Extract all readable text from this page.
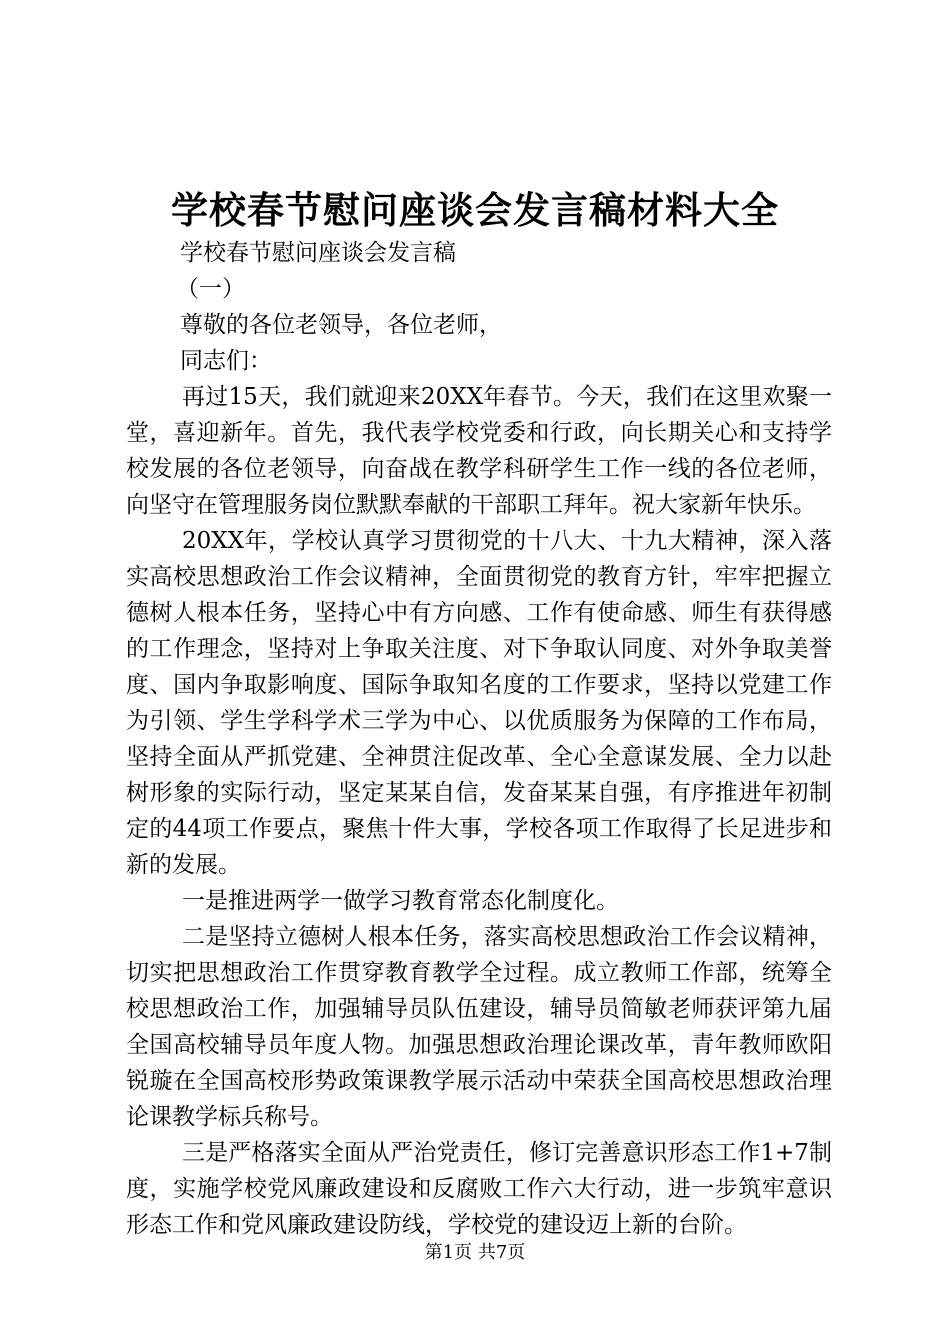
学校春节慰问座谈会发言稿材料大全

学校春节慰问座谈会发言稿

（一）

尊敬的各位老领导，各位老师，

同志们：

再过15天，我们就迎来20XX年春节。今天，我们在这里欢聚一堂，喜迎新年。首先，我代表学校党委和行政，向长期关心和支持学校发展的各位老领导，向奋战在教学科研学生工作一线的各位老师，向坚守在管理服务岗位默默奉献的干部职工拜年。祝大家新年快乐。

20XX年，学校认真学习贯彻党的十八大、十九大精神，深入落实高校思想政治工作会议精神，全面贯彻党的教育方针，牢牢把握立德树人根本任务，坚持心中有方向感、工作有使命感、师生有获得感的工作理念，坚持对上争取关注度、对下争取认同度、对外争取美誉度、国内争取影响度、国际争取知名度的工作要求，坚持以党建工作为引领、学生学科学术三学为中心、以优质服务为保障的工作布局，坚持全面从严抓党建、全神贯注促改革、全心全意谋发展、全力以赴树形象的实际行动，坚定某某自信，发奋某某自强，有序推进年初制定的44项工作要点，聚焦十件大事，学校各项工作取得了长足进步和新的发展。

一是推进两学一做学习教育常态化制度化。

二是坚持立德树人根本任务，落实高校思想政治工作会议精神，切实把思想政治工作贯穿教育教学全过程。成立教师工作部，统筹全校思想政治工作，加强辅导员队伍建设，辅导员简敏老师获评第九届全国高校辅导员年度人物。加强思想政治理论课改革，青年教师欧阳锐璇在全国高校形势政策课教学展示活动中荣获全国高校思想政治理论课教学标兵称号。

三是严格落实全面从严治党责任，修订完善意识形态工作1+7制度，实施学校党风廉政建设和反腐败工作六大行动，进一步筑牢意识形态工作和党风廉政建设防线，学校党的建设迈上新的台阶。

第1页 共7页
